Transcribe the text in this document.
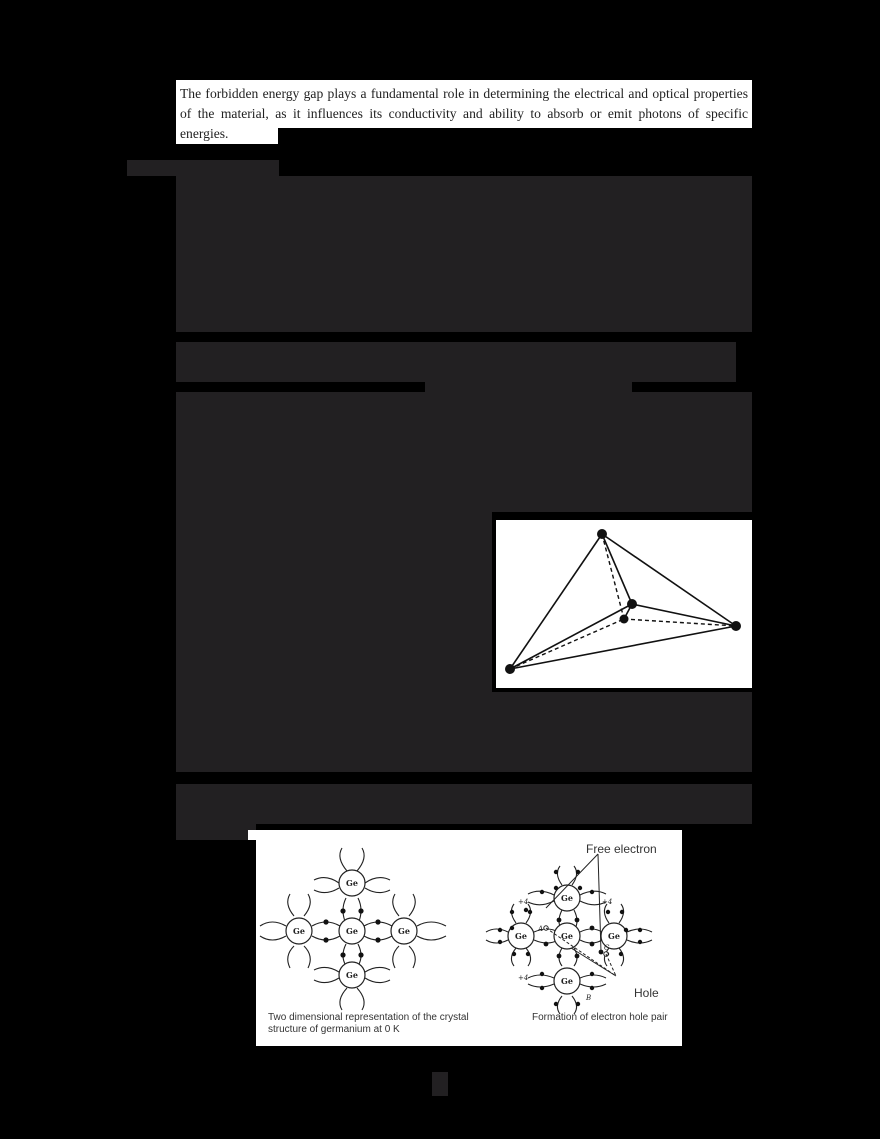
The forbidden energy gap plays a fundamental role in determining the electrical and optical properties of the material, as it influences its conductivity and ability to absorb or emit photons of specific energies.

Ge
Ge	Ge	Ge
Ge
Ge
Ge	Ge	Ge
Ge
+4	+4
+4
A
B
C
Free electron
Hole

Two dimensional representation of the crystal structure of germanium at 0 K

Formation of electron hole pair
